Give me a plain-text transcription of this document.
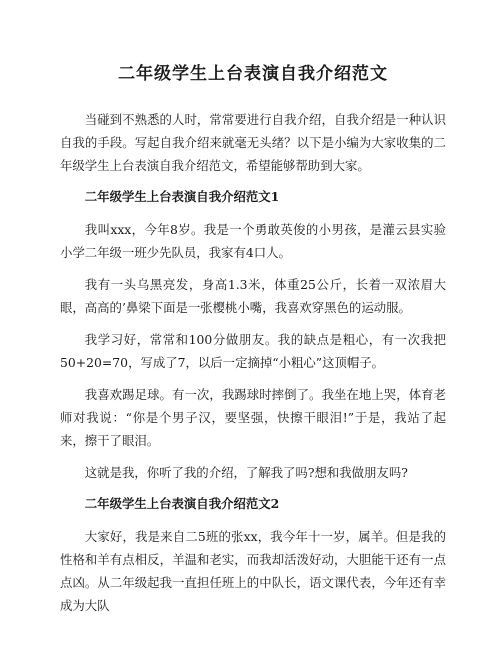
二年级学生上台表演自我介绍范文

当碰到不熟悉的人时，常常要进行自我介绍，自我介绍是一种认识自我的手段。写起自我介绍来就毫无头绪？以下是小编为大家收集的二年级学生上台表演自我介绍范文，希望能够帮助到大家。

二年级学生上台表演自我介绍范文1

我叫xxx，今年8岁。我是一个勇敢英俊的小男孩，是灌云县实验小学二年级一班少先队员，我家有4口人。

我有一头乌黑亮发，身高1.3米，体重25公斤，长着一双浓眉大眼，高高的’鼻梁下面是一张樱桃小嘴，我喜欢穿黑色的运动服。

我学习好，常常和100分做朋友。我的缺点是粗心，有一次我把50+20=70，写成了7，以后一定摘掉“小粗心”这顶帽子。

我喜欢踢足球。有一次，我踢球时摔倒了。我坐在地上哭，体育老师对我说：“你是个男子汉，要坚强，快擦干眼泪!”于是，我站了起来，擦干了眼泪。

这就是我，你听了我的介绍，了解我了吗?想和我做朋友吗?

二年级学生上台表演自我介绍范文2

大家好，我是来自二5班的张xx，我今年十一岁，属羊。但是我的性格和羊有点相反，羊温和老实，而我却活泼好动，大胆能干还有一点点凶。从二年级起我一直担任班上的中队长，语文课代表，今年还有幸成为大队
